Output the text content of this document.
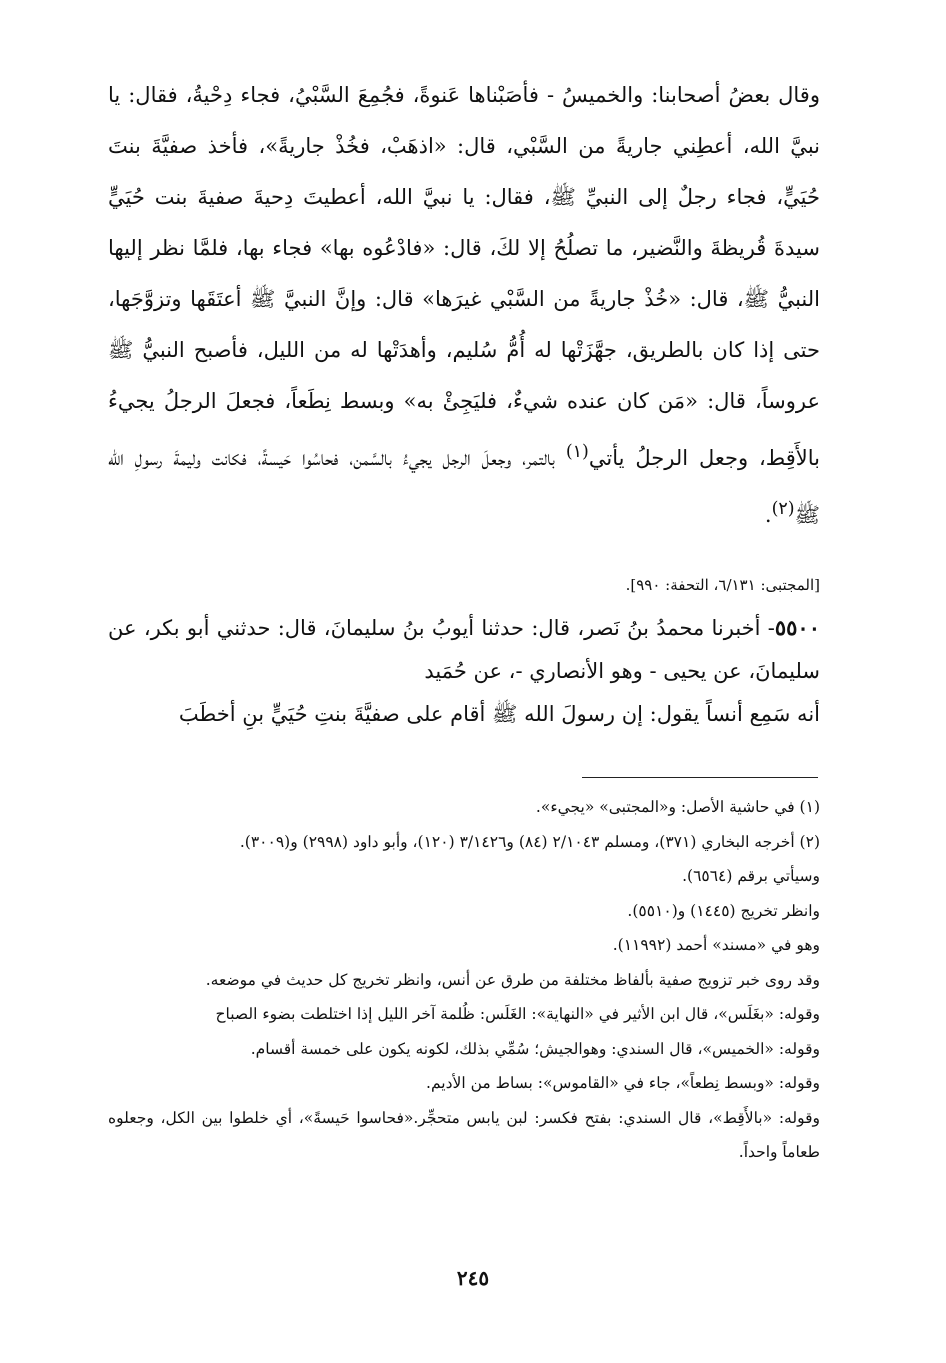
وقال بعضُ أصحابنا: والخميسُ - فأصَبْناها عَنوةً، فجُمِعَ السَّبْيُ، فجاء دِحْيةُ، فقال: يا نبيَّ الله، أعطِني جاريةً من السَّبْي، قال: «اذهَبْ، فخُذْ جاريةً»، فأخذ صفيَّةَ بنتَ حُيَيٍّ، فجاء رجلٌ إلى النبيِّ ﷺ، فقال: يا نبيَّ الله، أعطيتَ دِحيةَ صفيةَ بنت حُيَيٍّ سيدةَ قُريظةَ والنَّضير، ما تصلُحُ إلا لكَ، قال: «فادْعُوه بها» فجاء بها، فلمَّا نظر إليها النبيُّ ﷺ، قال: «خُذْ جاريةً من السَّبْي غيرَها» قال: وإنَّ النبيَّ ﷺ أعتَقَها وتزوَّجَها، حتى إذا كان بالطريق، جهَّزَتْها له أُمُّ سُليم، وأهدَتْها له من الليل، فأصبح النبيُّ ﷺ عروساً، قال: «مَن كان عنده شيءٌ، فليَجِئْ به» وبسط نِطَعاً، فجعلَ الرجلُ يجيءُ بالأَقِط، وجعل الرجلُ يأتي$^{(١)}$ بالتمر، وجعلَ الرجل يجيءُ بالسَّمن، فحاسُوا حَيسةً، فكانت وليمةَ رسولِ الله ﷺ$^{(٢)}$.

[المجتبى: ٦/١٣١، التحفة: ٩٩٠].

٥٥٠٠- أخبرنا محمدُ بنُ نَصر، قال: حدثنا أيوبُ بنُ سليمانَ، قال: حدثني أبو بكر، عن سليمانَ، عن يحيى - وهو الأنصاري -، عن حُمَيد

أنه سَمِع أنساً يقول: إن رسولَ الله ﷺ أقام على صفيَّةَ بنتِ حُيَيٍّ بنِ أخطَبَ

(١) في حاشية الأصل: و«المجتبى» «يجيء».

(٢) أخرجه البخاري (٣٧١)، ومسلم ٢/١٠٤٣ (٨٤) و٣/١٤٢٦ (١٢٠)، وأبو داود (٢٩٩٨) و(٣٠٠٩).

وسيأتي برقم (٦٥٦٤).

وانظر تخريج (١٤٤٥) و(٥٥١٠).

وهو في «مسند» أحمد (١١٩٩٢).

وقد روى خبر تزويج صفية بألفاظ مختلفة من طرق عن أنس، وانظر تخريج كل حديث في موضعه.

وقوله: «بغَلَس»، قال ابن الأثير في «النهاية»: الغَلَس: ظُلمة آخر الليل إذا اختلطت بضوء الصباح

وقوله: «الخميس»، قال السندي: وهوالجيش؛ سُمِّي بذلك، لكونه يكون على خمسة أقسام.

وقوله: «وبسط نِطعاً»، جاء في «القاموس»: بساط من الأديم.

وقوله: «بالأَقِط»، قال السندي: بفتح فكسر: لبن يابس متحجِّر.«فحاسوا حَيسةً»، أي خلطوا بين الكل، وجعلوه طعاماً واحداً.

٢٤٥
